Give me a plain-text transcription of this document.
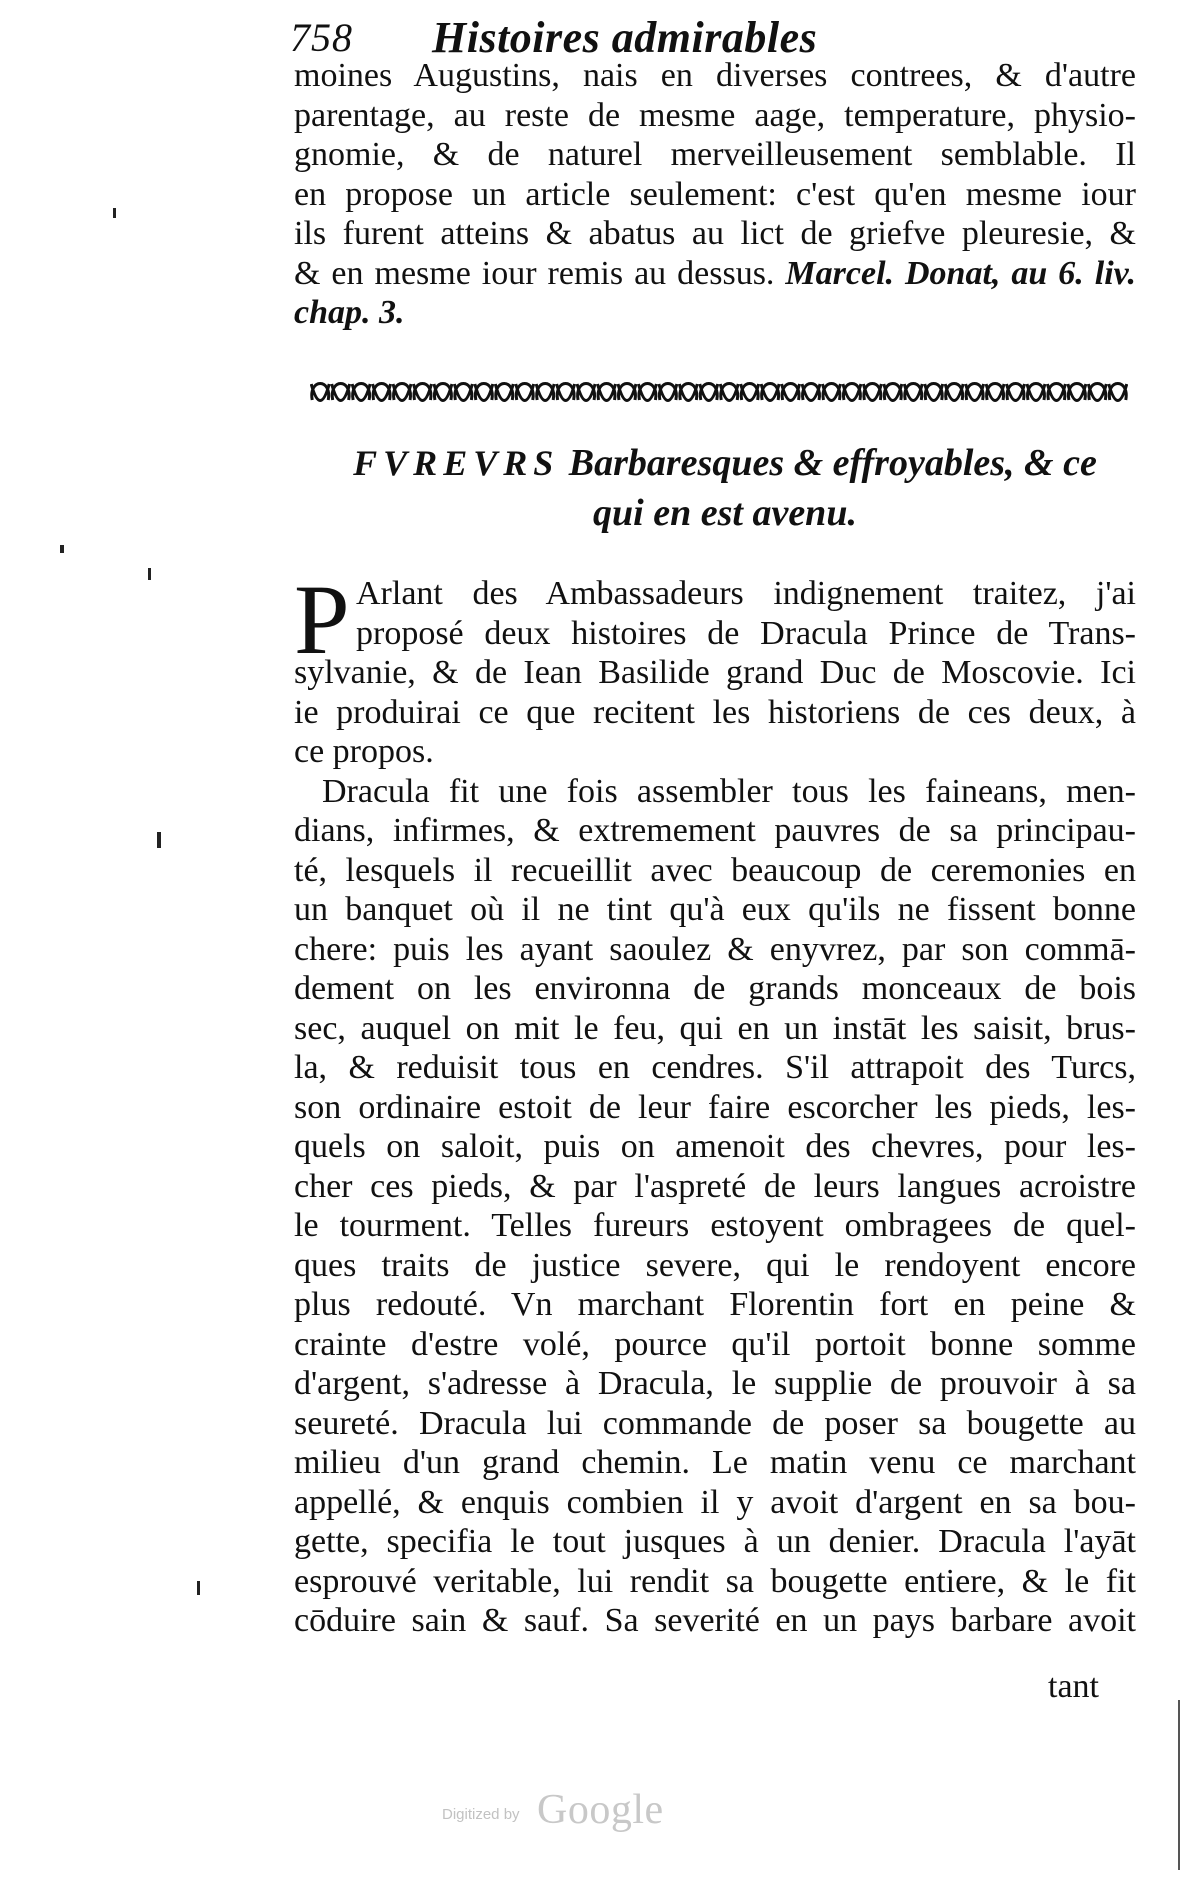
758 Histoires admirables
moines Augustins, nais en diverses contrees, & d'autre
parentage, au reste de mesme aage, temperature, physio-
gnomie, & de naturel merveilleusement semblable. Il
en propose un article seulement: c'est qu'en mesme iour
ils furent atteins & abatus au lict de griefve pleuresie, &
& en mesme iour remis au dessus. Marcel. Donat, au 6. liv.
chap. 3.
FVREVRS Barbaresques & effroyables, & ce
qui en est avenu.
P Arlant des Ambassadeurs indignement traitez, j'ai
proposé deux histoires de Dracula Prince de Trans-
sylvanie, & de Iean Basilide grand Duc de Moscovie. Ici
ie produirai ce que recitent les historiens de ces deux, à
ce propos.
Dracula fit une fois assembler tous les faineans, men-
dians, infirmes, & extremement pauvres de sa principau-
té, lesquels il recueillit avec beaucoup de ceremonies en
un banquet où il ne tint qu'à eux qu'ils ne fissent bonne
chere: puis les ayant saoulez & enyvrez, par son commā-
dement on les environna de grands monceaux de bois
sec, auquel on mit le feu, qui en un instāt les saisit, brus-
la, & reduisit tous en cendres. S'il attrapoit des Turcs,
son ordinaire estoit de leur faire escorcher les pieds, les-
quels on saloit, puis on amenoit des chevres, pour les-
cher ces pieds, & par l'aspreté de leurs langues acroistre
le tourment. Telles fureurs estoyent ombragees de quel-
ques traits de justice severe, qui le rendoyent encore
plus redouté. Vn marchant Florentin fort en peine &
crainte d'estre volé, pource qu'il portoit bonne somme
d'argent, s'adresse à Dracula, le supplie de prouvoir à sa
seureté. Dracula lui commande de poser sa bougette au
milieu d'un grand chemin. Le matin venu ce marchant
appellé, & enquis combien il y avoit d'argent en sa bou-
gette, specifia le tout jusques à un denier. Dracula l'ayāt
esprouvé veritable, lui rendit sa bougette entiere, & le fit
cōduire sain & sauf. Sa severité en un pays barbare avoit
tant
Digitized by Google
